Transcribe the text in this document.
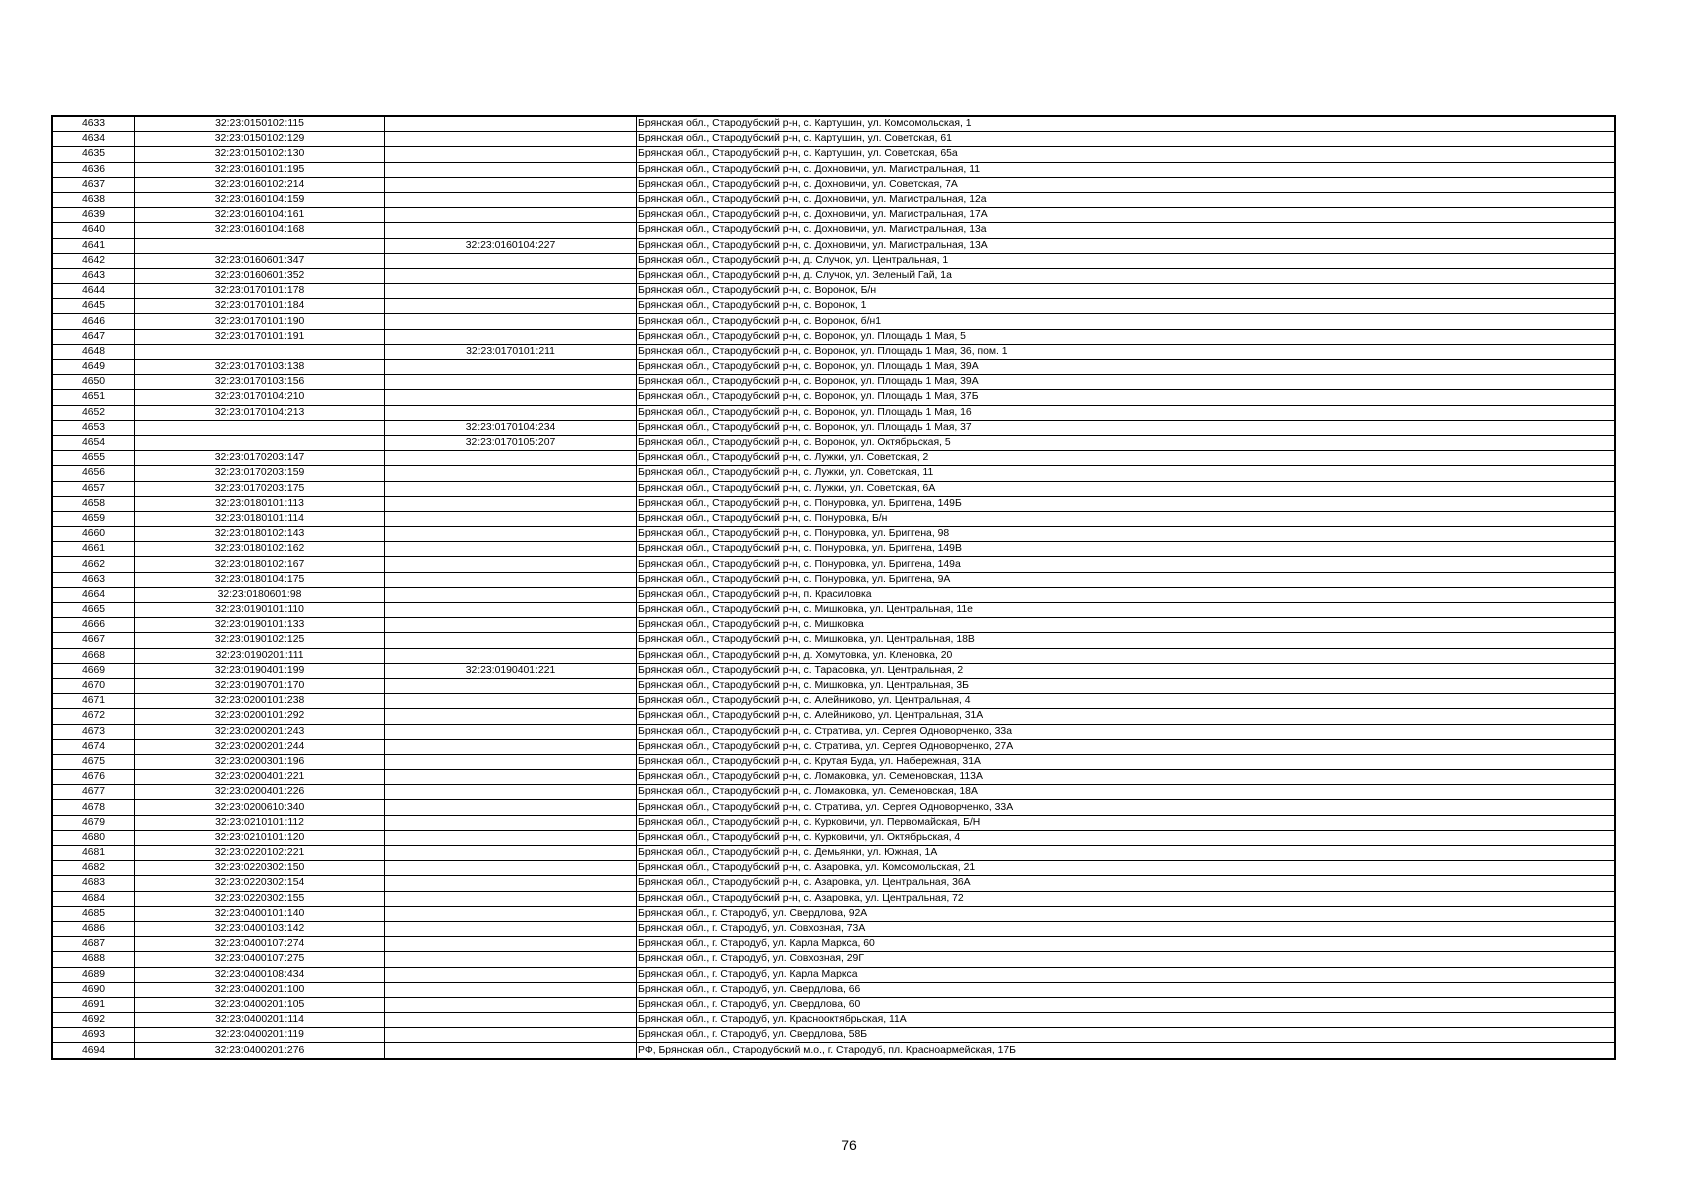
4633	32:23:0150102:115		Брянская обл., Стародубский р-н, с. Картушин, ул. Комсомольская, 1
4634	32:23:0150102:129		Брянская обл., Стародубский р-н, с. Картушин, ул. Советская, 61
4635	32:23:0150102:130		Брянская обл., Стародубский р-н, с. Картушин, ул. Советская, 65а
4636	32:23:0160101:195		Брянская обл., Стародубский р-н, с. Дохновичи, ул. Магистральная, 11
4637	32:23:0160102:214		Брянская обл., Стародубский р-н, с. Дохновичи, ул. Советская, 7А
4638	32:23:0160104:159		Брянская обл., Стародубский р-н, с. Дохновичи, ул. Магистральная, 12а
4639	32:23:0160104:161		Брянская обл., Стародубский р-н, с. Дохновичи, ул. Магистральная, 17А
4640	32:23:0160104:168		Брянская обл., Стародубский р-н, с. Дохновичи, ул. Магистральная, 13а
4641		32:23:0160104:227	Брянская обл., Стародубский р-н, с. Дохновичи, ул. Магистральная, 13А
4642	32:23:0160601:347		Брянская обл., Стародубский р-н, д. Случок, ул. Центральная, 1
4643	32:23:0160601:352		Брянская обл., Стародубский р-н, д. Случок, ул. Зеленый Гай, 1а
4644	32:23:0170101:178		Брянская обл., Стародубский р-н, с. Воронок, Б/н
4645	32:23:0170101:184		Брянская обл., Стародубский р-н, с. Воронок, 1
4646	32:23:0170101:190		Брянская обл., Стародубский р-н, с. Воронок, б/н1
4647	32:23:0170101:191		Брянская обл., Стародубский р-н, с. Воронок, ул. Площадь 1 Мая, 5
4648		32:23:0170101:211	Брянская обл., Стародубский р-н, с. Воронок, ул. Площадь 1 Мая, 36, пом. 1
4649	32:23:0170103:138		Брянская обл., Стародубский р-н, с. Воронок, ул. Площадь 1 Мая, 39А
4650	32:23:0170103:156		Брянская обл., Стародубский р-н, с. Воронок, ул. Площадь 1 Мая, 39А
4651	32:23:0170104:210		Брянская обл., Стародубский р-н, с. Воронок, ул. Площадь 1 Мая, 37Б
4652	32:23:0170104:213		Брянская обл., Стародубский р-н, с. Воронок, ул. Площадь 1 Мая, 16
4653		32:23:0170104:234	Брянская обл., Стародубский р-н, с. Воронок, ул. Площадь 1 Мая, 37
4654		32:23:0170105:207	Брянская обл., Стародубский р-н, с. Воронок, ул. Октябрьская, 5
4655	32:23:0170203:147		Брянская обл., Стародубский р-н, с. Лужки, ул. Советская, 2
4656	32:23:0170203:159		Брянская обл., Стародубский р-н, с. Лужки, ул. Советская, 11
4657	32:23:0170203:175		Брянская обл., Стародубский р-н, с. Лужки, ул. Советская, 6А
4658	32:23:0180101:113		Брянская обл., Стародубский р-н, с. Понуровка, ул. Бриггена, 149Б
4659	32:23:0180101:114		Брянская обл., Стародубский р-н, с. Понуровка, Б/н
4660	32:23:0180102:143		Брянская обл., Стародубский р-н, с. Понуровка, ул. Бриггена, 98
4661	32:23:0180102:162		Брянская обл., Стародубский р-н, с. Понуровка, ул. Бриггена, 149В
4662	32:23:0180102:167		Брянская обл., Стародубский р-н, с. Понуровка, ул. Бриггена, 149а
4663	32:23:0180104:175		Брянская обл., Стародубский р-н, с. Понуровка, ул. Бриггена, 9А
4664	32:23:0180601:98		Брянская обл., Стародубский р-н, п. Красиловка
4665	32:23:0190101:110		Брянская обл., Стародубский р-н, с. Мишковка, ул. Центральная, 11е
4666	32:23:0190101:133		Брянская обл., Стародубский р-н, с. Мишковка
4667	32:23:0190102:125		Брянская обл., Стародубский р-н, с. Мишковка, ул. Центральная, 18В
4668	32:23:0190201:111		Брянская обл., Стародубский р-н, д. Хомутовка, ул. Кленовка, 20
4669	32:23:0190401:199	32:23:0190401:221	Брянская обл., Стародубский р-н, с. Тарасовка, ул. Центральная, 2
4670	32:23:0190701:170		Брянская обл., Стародубский р-н, с. Мишковка, ул. Центральная, 3Б
4671	32:23:0200101:238		Брянская обл., Стародубский р-н, с. Алейниково, ул. Центральная, 4
4672	32:23:0200101:292		Брянская обл., Стародубский р-н, с. Алейниково, ул. Центральная, 31А
4673	32:23:0200201:243		Брянская обл., Стародубский р-н, с. Стратива, ул. Сергея Одноворченко, 33а
4674	32:23:0200201:244		Брянская обл., Стародубский р-н, с. Стратива, ул. Сергея Одноворченко, 27А
4675	32:23:0200301:196		Брянская обл., Стародубский р-н, с. Крутая Буда, ул. Набережная, 31А
4676	32:23:0200401:221		Брянская обл., Стародубский р-н, с. Ломаковка, ул. Семеновская, 113А
4677	32:23:0200401:226		Брянская обл., Стародубский р-н, с. Ломаковка, ул. Семеновская, 18А
4678	32:23:0200610:340		Брянская обл., Стародубский р-н, с. Стратива, ул. Сергея Одноворченко, 33А
4679	32:23:0210101:112		Брянская обл., Стародубский р-н, с. Курковичи, ул. Первомайская, Б/Н
4680	32:23:0210101:120		Брянская обл., Стародубский р-н, с. Курковичи, ул. Октябрьская, 4
4681	32:23:0220102:221		Брянская обл., Стародубский р-н, с. Демьянки, ул. Южная, 1А
4682	32:23:0220302:150		Брянская обл., Стародубский р-н, с. Азаровка, ул. Комсомольская, 21
4683	32:23:0220302:154		Брянская обл., Стародубский р-н, с. Азаровка, ул. Центральная, 36А
4684	32:23:0220302:155		Брянская обл., Стародубский р-н, с. Азаровка, ул. Центральная, 72
4685	32:23:0400101:140		Брянская обл., г. Стародуб, ул. Свердлова, 92А
4686	32:23:0400103:142		Брянская обл., г. Стародуб, ул. Совхозная, 73А
4687	32:23:0400107:274		Брянская обл., г. Стародуб, ул. Карла Маркса, 60
4688	32:23:0400107:275		Брянская обл., г. Стародуб, ул. Совхозная, 29Г
4689	32:23:0400108:434		Брянская обл., г. Стародуб, ул. Карла Маркса
4690	32:23:0400201:100		Брянская обл., г. Стародуб, ул. Свердлова, 66
4691	32:23:0400201:105		Брянская обл., г. Стародуб, ул. Свердлова, 60
4692	32:23:0400201:114		Брянская обл., г. Стародуб, ул. Краснооктябрьская, 11А
4693	32:23:0400201:119		Брянская обл., г. Стародуб, ул. Свердлова, 58Б
4694	32:23:0400201:276		РФ, Брянская обл., Стародубский м.о., г. Стародуб, пл. Красноармейская, 17Б
76
